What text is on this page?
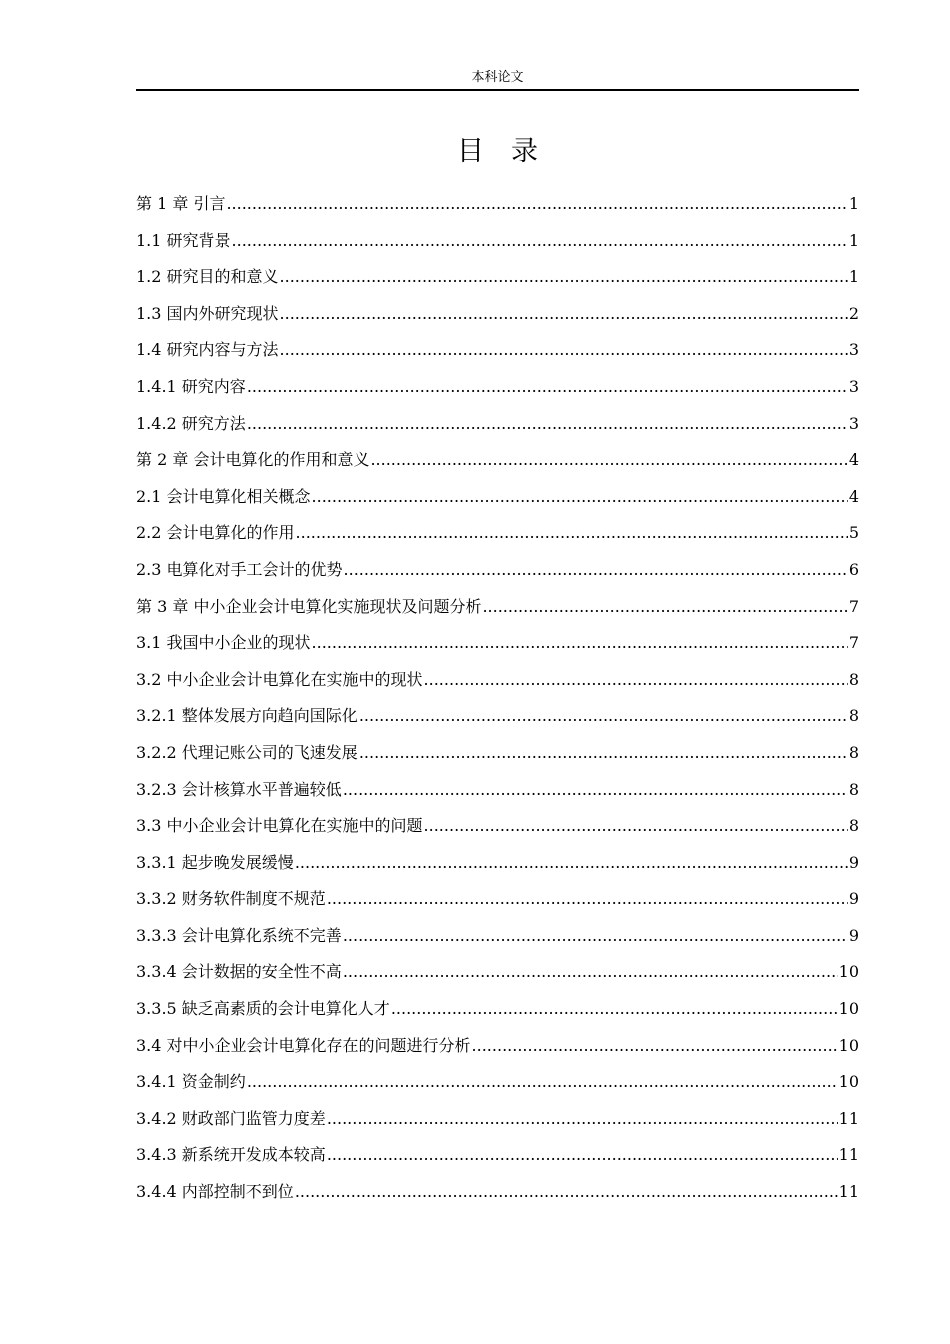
本科论文
目　录
第 1 章 引言 .....	1
1.1 研究背景 .....	1
1.2 研究目的和意义 .....	1
1.3 国内外研究现状 .....	2
1.4 研究内容与方法 .....	3
1.4.1 研究内容 .....	3
1.4.2 研究方法 .....	3
第 2 章 会计电算化的作用和意义 .....	4
2.1 会计电算化相关概念 .....	4
2.2 会计电算化的作用 .....	5
2.3 电算化对手工会计的优势 .....	6
第 3 章 中小企业会计电算化实施现状及问题分析 .....	7
3.1 我国中小企业的现状 .....	7
3.2 中小企业会计电算化在实施中的现状 .....	8
3.2.1 整体发展方向趋向国际化 .....	8
3.2.2 代理记账公司的飞速发展 .....	8
3.2.3 会计核算水平普遍较低 .....	8
3.3 中小企业会计电算化在实施中的问题 .....	8
3.3.1 起步晚发展缓慢 .....	9
3.3.2 财务软件制度不规范 .....	9
3.3.3 会计电算化系统不完善 .....	9
3.3.4 会计数据的安全性不高 .....	10
3.3.5 缺乏高素质的会计电算化人才 .....	10
3.4 对中小企业会计电算化存在的问题进行分析 .....	10
3.4.1 资金制约 .....	10
3.4.2 财政部门监管力度差 .....	11
3.4.3 新系统开发成本较高 .....	11
3.4.4 内部控制不到位 .....	11
